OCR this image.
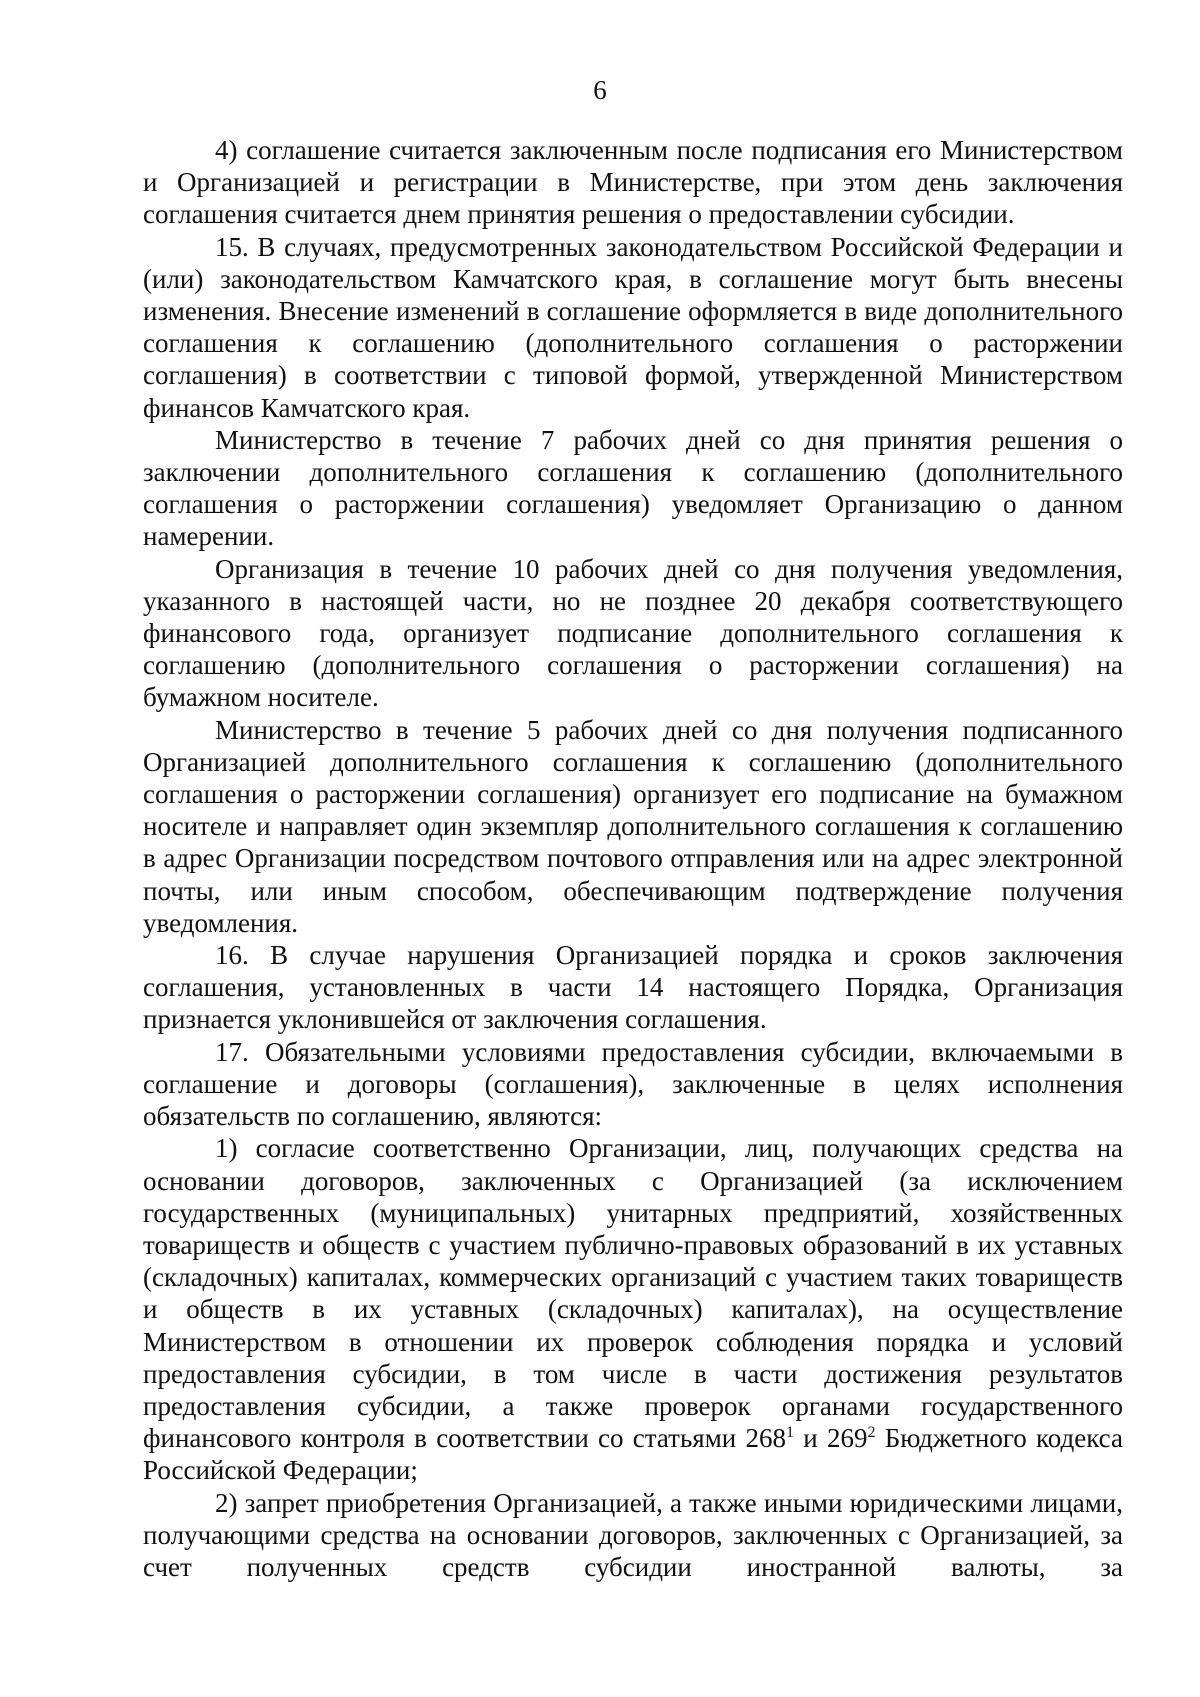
6

4) соглашение считается заключенным после подписания его Министерством и Организацией и регистрации в Министерстве, при этом день заключения соглашения считается днем принятия решения о предоставлении субсидии.

15. В случаях, предусмотренных законодательством Российской Федерации и (или) законодательством Камчатского края, в соглашение могут быть внесены изменения. Внесение изменений в соглашение оформляется в виде дополнительного соглашения к соглашению (дополнительного соглашения о расторжении соглашения) в соответствии с типовой формой, утвержденной Министерством финансов Камчатского края.

Министерство в течение 7 рабочих дней со дня принятия решения о заключении дополнительного соглашения к соглашению (дополнительного соглашения о расторжении соглашения) уведомляет Организацию о данном намерении.

Организация в течение 10 рабочих дней со дня получения уведомления, указанного в настоящей части, но не позднее 20 декабря соответствующего финансового года, организует подписание дополнительного соглашения к соглашению (дополнительного соглашения о расторжении соглашения) на бумажном носителе.

Министерство в течение 5 рабочих дней со дня получения подписанного Организацией дополнительного соглашения к соглашению (дополнительного соглашения о расторжении соглашения) организует его подписание на бумажном носителе и направляет один экземпляр дополнительного соглашения к соглашению в адрес Организации посредством почтового отправления или на адрес электронной почты, или иным способом, обеспечивающим подтверждение получения уведомления.

16. В случае нарушения Организацией порядка и сроков заключения соглашения, установленных в части 14 настоящего Порядка, Организация признается уклонившейся от заключения соглашения.

17. Обязательными условиями предоставления субсидии, включаемыми в соглашение и договоры (соглашения), заключенные в целях исполнения обязательств по соглашению, являются:

1) согласие соответственно Организации, лиц, получающих средства на основании договоров, заключенных с Организацией (за исключением государственных (муниципальных) унитарных предприятий, хозяйственных товариществ и обществ с участием публично-правовых образований в их уставных (складочных) капиталах, коммерческих организаций с участием таких товариществ и обществ в их уставных (складочных) капиталах), на осуществление Министерством в отношении их проверок соблюдения порядка и условий предоставления субсидии, в том числе в части достижения результатов предоставления субсидии, а также проверок органами государственного финансового контроля в соответствии со статьями $268^1$ и $269^2$ Бюджетного кодекса Российской Федерации;

2) запрет приобретения Организацией, а также иными юридическими лицами, получающими средства на основании договоров, заключенных с Организацией, за счет полученных средств субсидии иностранной валюты, за
